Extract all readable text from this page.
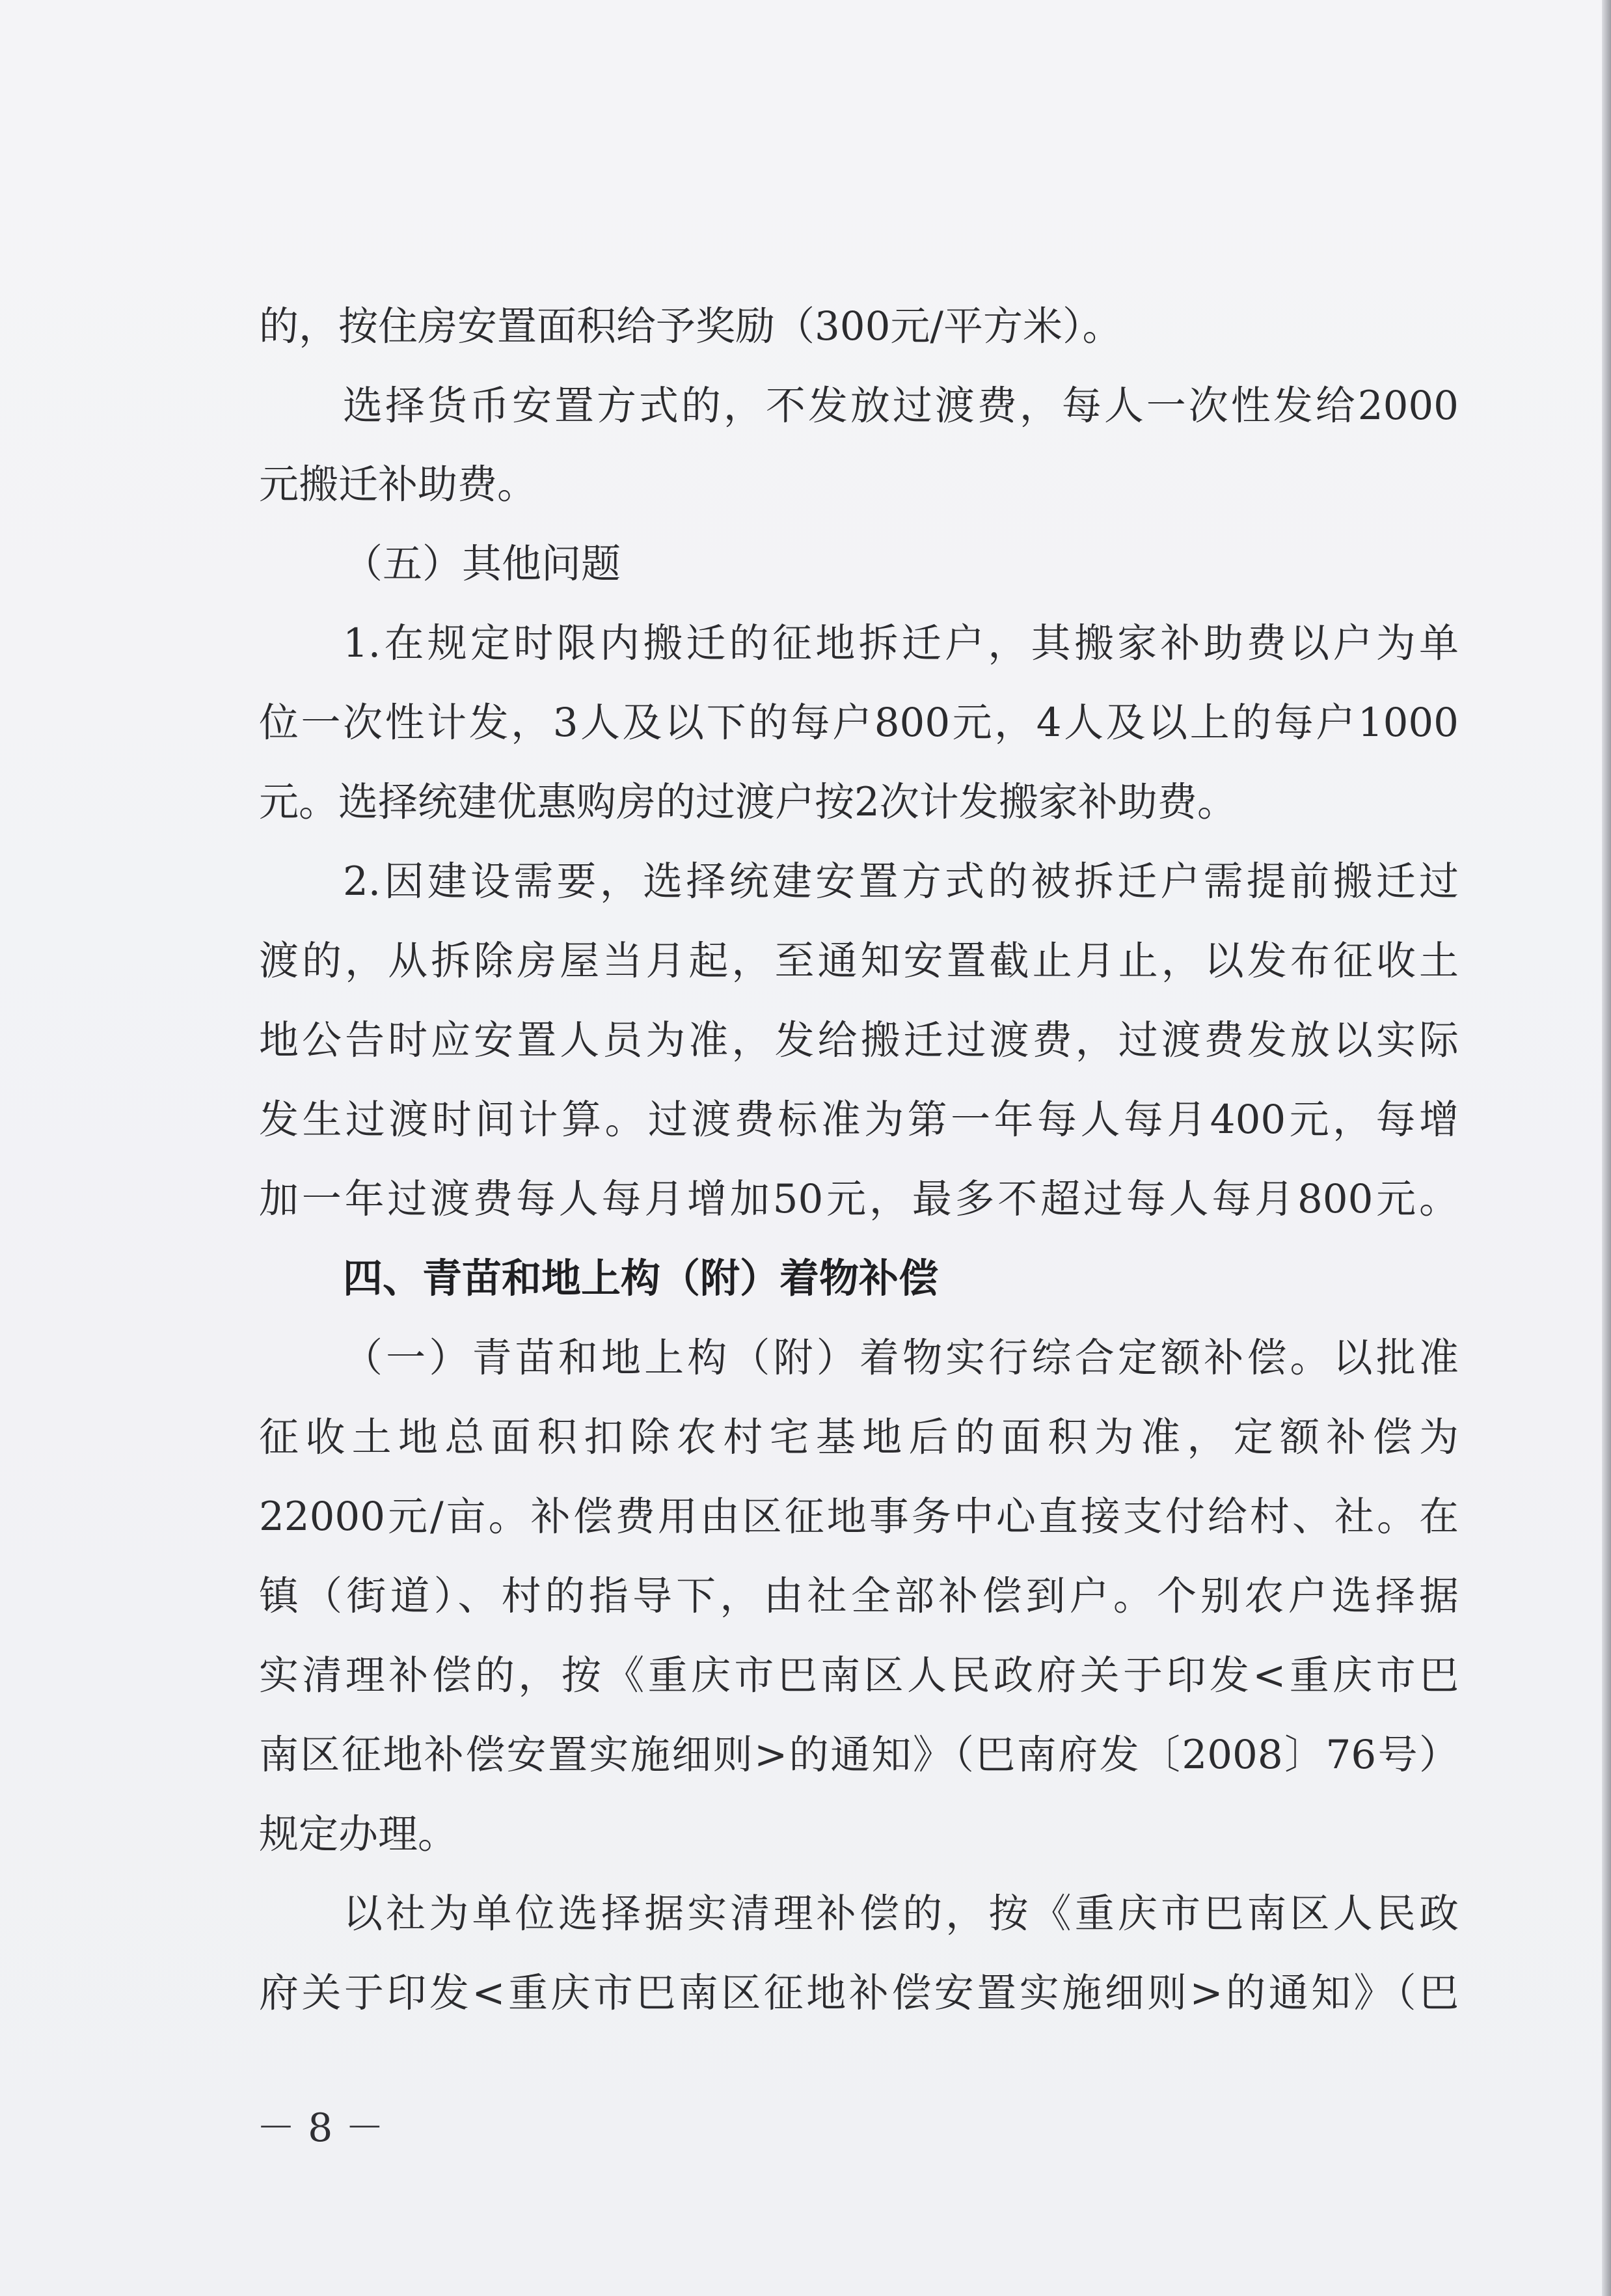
的，按住房安置面积给予奖励（300元/平方米）。

选择货币安置方式的，不发放过渡费，每人一次性发给2000

元搬迁补助费。

（五）其他问题

1.在规定时限内搬迁的征地拆迁户，其搬家补助费以户为单

位一次性计发，3人及以下的每户800元，4人及以上的每户1000

元。选择统建优惠购房的过渡户按2次计发搬家补助费。

2.因建设需要，选择统建安置方式的被拆迁户需提前搬迁过

渡的，从拆除房屋当月起，至通知安置截止月止，以发布征收土

地公告时应安置人员为准，发给搬迁过渡费，过渡费发放以实际

发生过渡时间计算。过渡费标准为第一年每人每月400元，每增

加一年过渡费每人每月增加50元，最多不超过每人每月800元。

四、青苗和地上构（附）着物补偿

（一）青苗和地上构（附）着物实行综合定额补偿。以批准

征收土地总面积扣除农村宅基地后的面积为准，定额补偿为

22000元/亩。补偿费用由区征地事务中心直接支付给村、社。在

镇（街道）、村的指导下，由社全部补偿到户。个别农户选择据

实清理补偿的，按《重庆市巴南区人民政府关于印发<重庆市巴

南区征地补偿安置实施细则>的通知》（巴南府发〔2008〕76号）

规定办理。

以社为单位选择据实清理补偿的，按《重庆市巴南区人民政

府关于印发<重庆市巴南区征地补偿安置实施细则>的通知》（巴

－ 8 －
